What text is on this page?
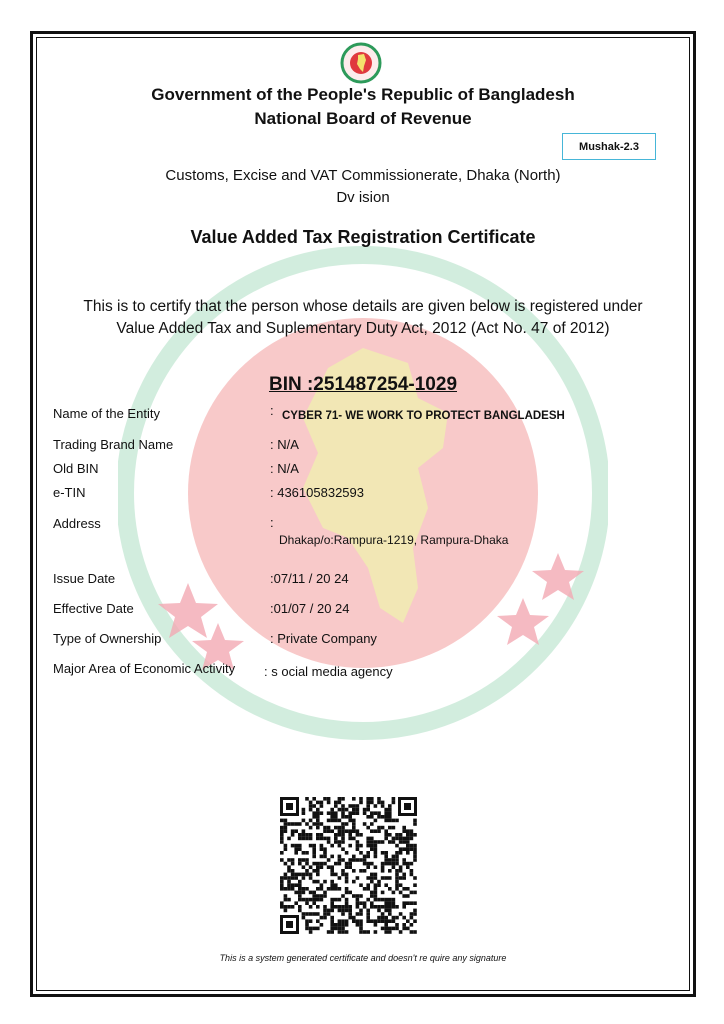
Government of the People's Republic of Bangladesh
National Board of Revenue
Mushak-2.3
Customs, Excise and VAT Commissionerate, Dhaka (North)
Dv ision
Value Added Tax Registration Certificate
This is to certify that the person whose details are given below is registered under
Value Added Tax and Suplementary Duty Act, 2012 (Act No. 47 of 2012)
BIN :251487254-1029
Name of the Entity	: CYBER 71- WE WORK TO PROTECT BANGLADESH
Trading Brand Name	: N/A
Old BIN	: N/A
e-TIN	: 436105832593
Address	:
Dhakap/o:Rampura-1219, Rampura-Dhaka
Issue Date	:07/11 / 20 24
Effective Date	:01/07 / 20 24
Type of Ownership	: Private Company
Major Area of Economic Activity : s ocial media agency
This is a system generated certificate and doesn't re quire any signature
